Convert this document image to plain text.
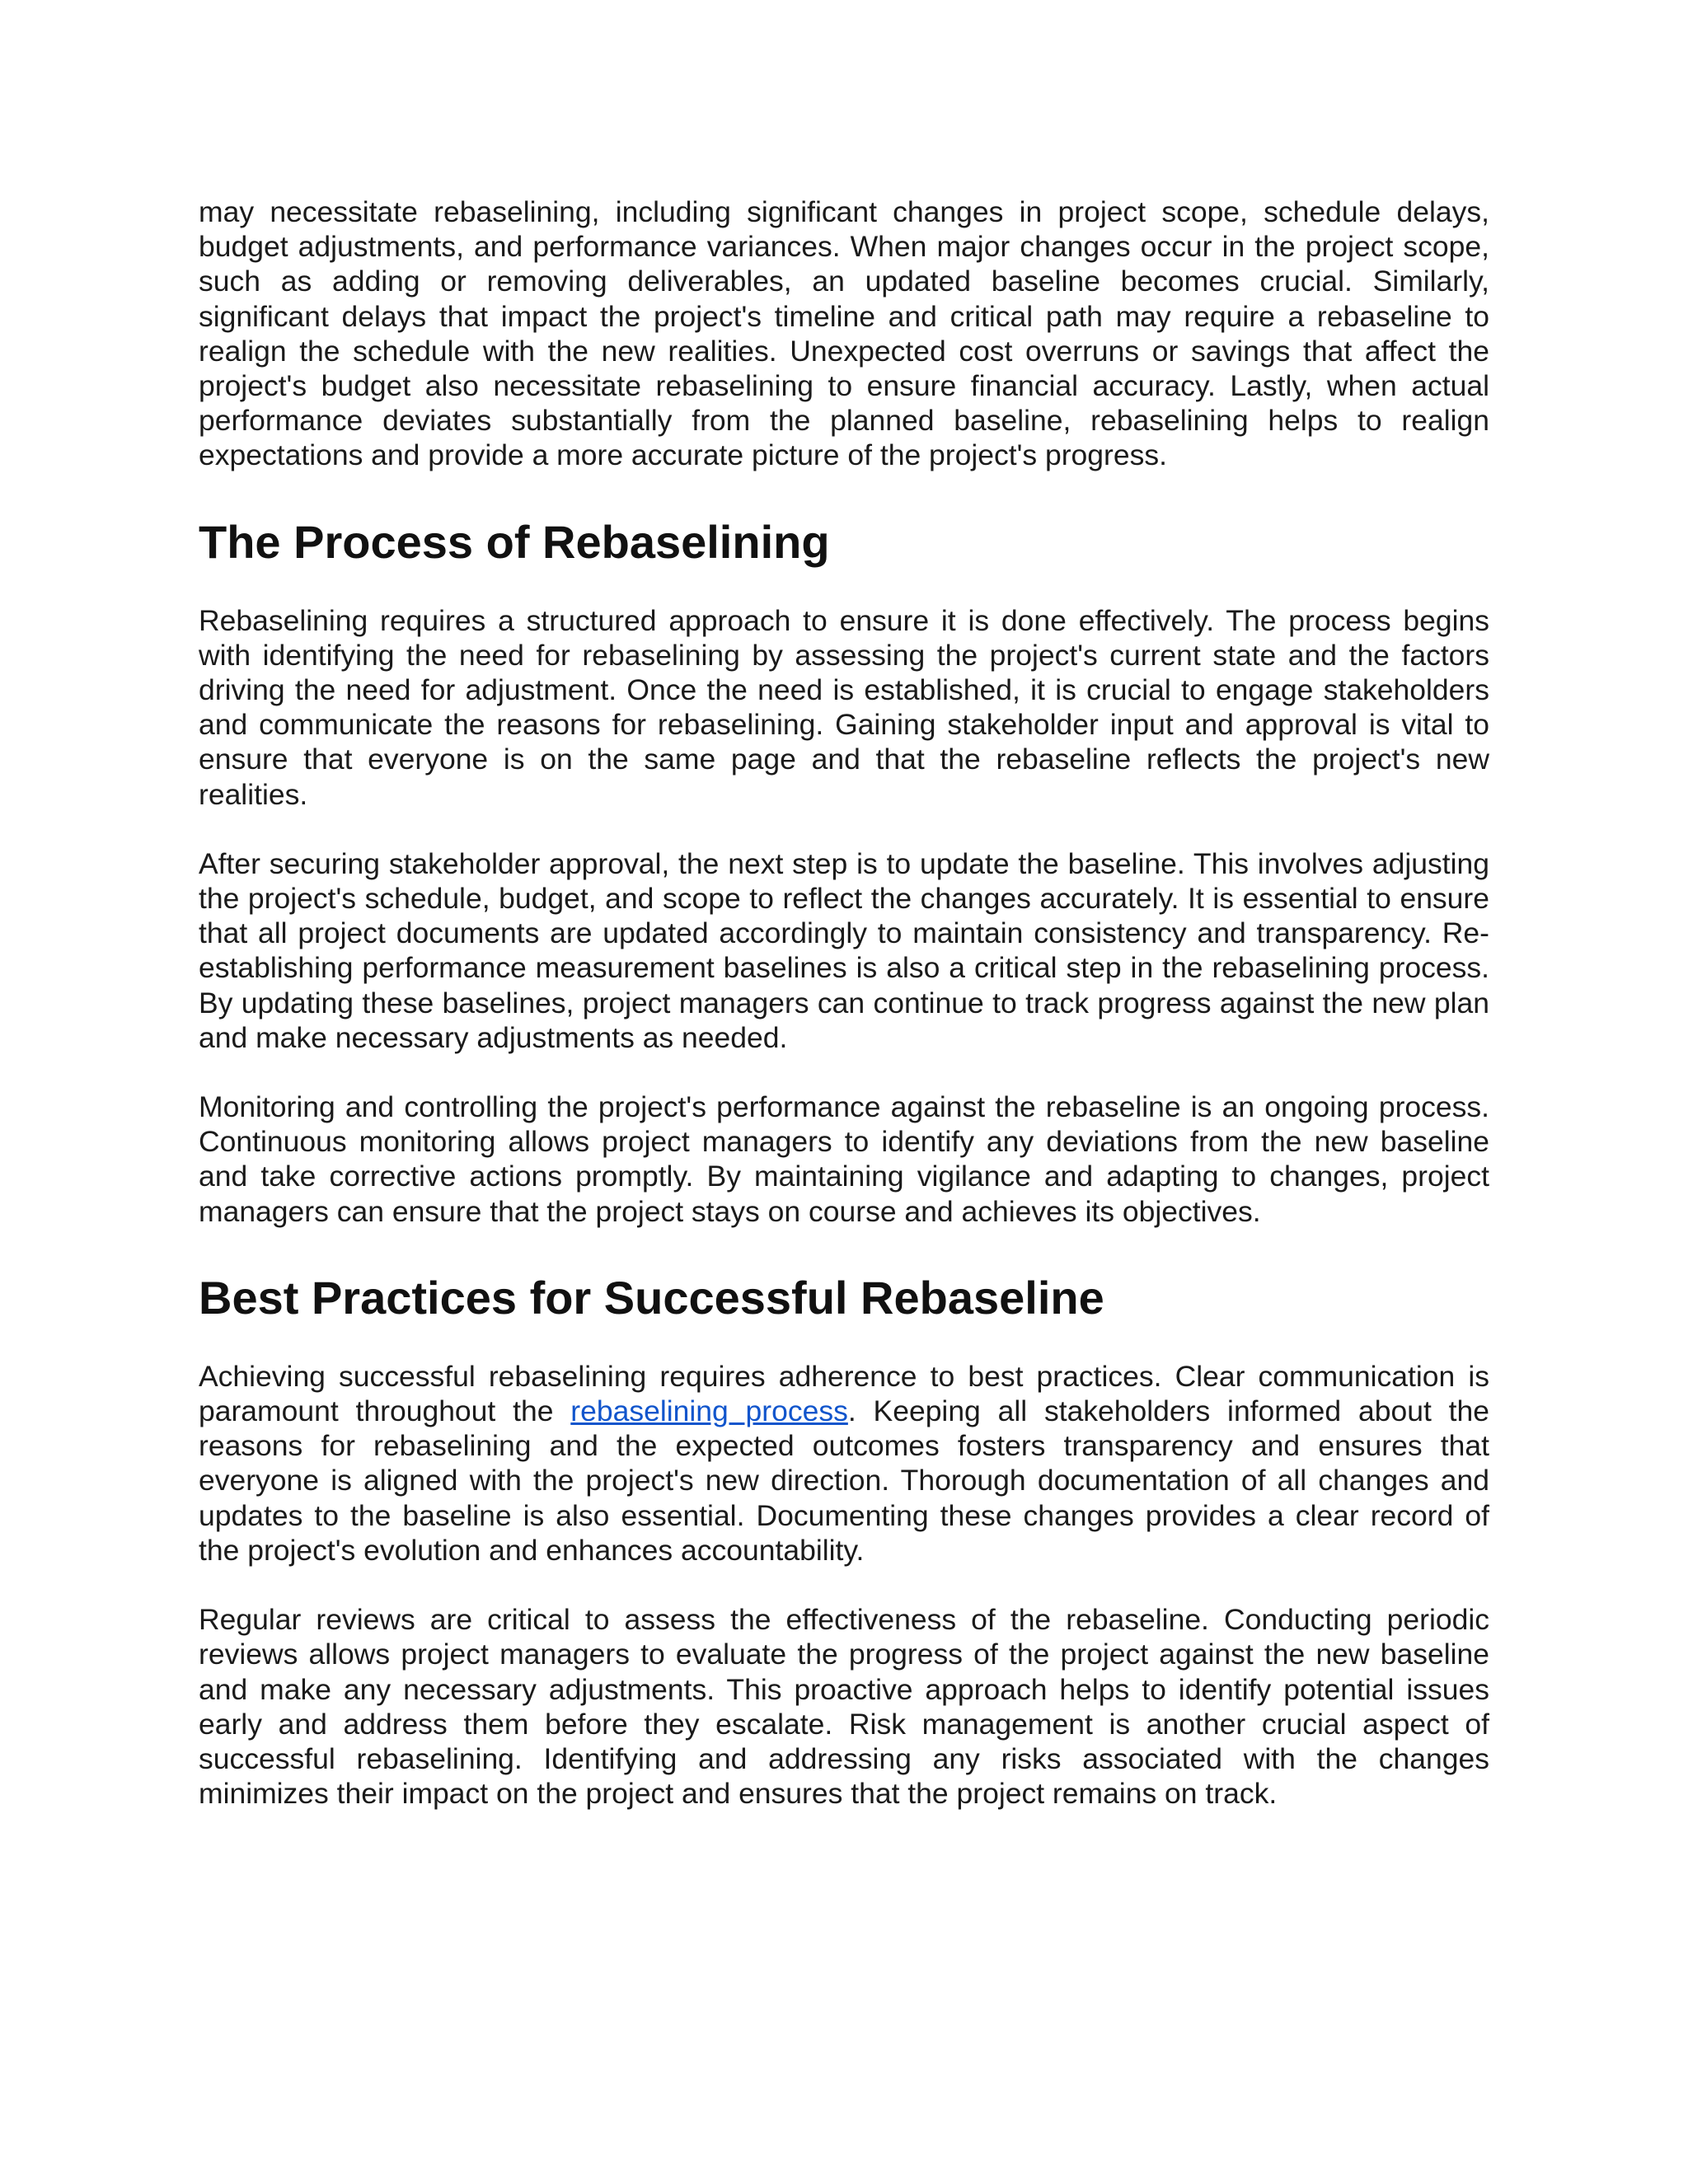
may necessitate rebaselining, including significant changes in project scope, schedule delays, budget adjustments, and performance variances. When major changes occur in the project scope, such as adding or removing deliverables, an updated baseline becomes crucial. Similarly, significant delays that impact the project's timeline and critical path may require a rebaseline to realign the schedule with the new realities. Unexpected cost overruns or savings that affect the project's budget also necessitate rebaselining to ensure financial accuracy. Lastly, when actual performance deviates substantially from the planned baseline, rebaselining helps to realign expectations and provide a more accurate picture of the project's progress.

The Process of Rebaselining

Rebaselining requires a structured approach to ensure it is done effectively. The process begins with identifying the need for rebaselining by assessing the project's current state and the factors driving the need for adjustment. Once the need is established, it is crucial to engage stakeholders and communicate the reasons for rebaselining. Gaining stakeholder input and approval is vital to ensure that everyone is on the same page and that the rebaseline reflects the project's new realities.

After securing stakeholder approval, the next step is to update the baseline. This involves adjusting the project's schedule, budget, and scope to reflect the changes accurately. It is essential to ensure that all project documents are updated accordingly to maintain consistency and transparency. Re-establishing performance measurement baselines is also a critical step in the rebaselining process. By updating these baselines, project managers can continue to track progress against the new plan and make necessary adjustments as needed.

Monitoring and controlling the project's performance against the rebaseline is an ongoing process. Continuous monitoring allows project managers to identify any deviations from the new baseline and take corrective actions promptly. By maintaining vigilance and adapting to changes, project managers can ensure that the project stays on course and achieves its objectives.

Best Practices for Successful Rebaseline

Achieving successful rebaselining requires adherence to best practices. Clear communication is paramount throughout the rebaselining process. Keeping all stakeholders informed about the reasons for rebaselining and the expected outcomes fosters transparency and ensures that everyone is aligned with the project's new direction. Thorough documentation of all changes and updates to the baseline is also essential. Documenting these changes provides a clear record of the project's evolution and enhances accountability.

Regular reviews are critical to assess the effectiveness of the rebaseline. Conducting periodic reviews allows project managers to evaluate the progress of the project against the new baseline and make any necessary adjustments. This proactive approach helps to identify potential issues early and address them before they escalate. Risk management is another crucial aspect of successful rebaselining. Identifying and addressing any risks associated with the changes minimizes their impact on the project and ensures that the project remains on track.
